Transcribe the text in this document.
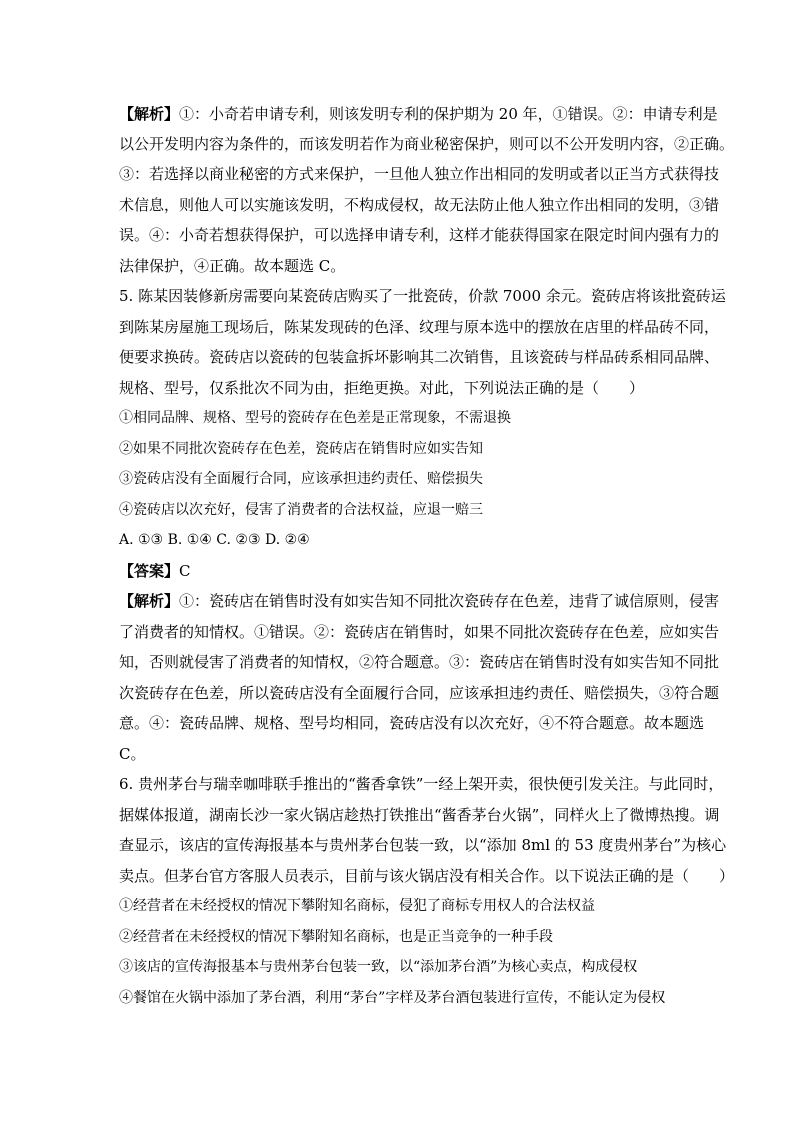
【解析】①：小奇若申请专利，则该发明专利的保护期为 20 年，①错误。②：申请专利是
以公开发明内容为条件的，而该发明若作为商业秘密保护，则可以不公开发明内容，②正确。
③：若选择以商业秘密的方式来保护，一旦他人独立作出相同的发明或者以正当方式获得技
术信息，则他人可以实施该发明，不构成侵权，故无法防止他人独立作出相同的发明，③错
误。④：小奇若想获得保护，可以选择申请专利，这样才能获得国家在限定时间内强有力的
法律保护，④正确。故本题选 C。
5. 陈某因装修新房需要向某瓷砖店购买了一批瓷砖，价款 7000 余元。瓷砖店将该批瓷砖运
到陈某房屋施工现场后，陈某发现砖的色泽、纹理与原本选中的摆放在店里的样品砖不同，
便要求换砖。瓷砖店以瓷砖的包装盒拆坏影响其二次销售，且该瓷砖与样品砖系相同品牌、
规格、型号，仅系批次不同为由，拒绝更换。对此，下列说法正确的是（　　）
①相同品牌、规格、型号的瓷砖存在色差是正常现象，不需退换
②如果不同批次瓷砖存在色差，瓷砖店在销售时应如实告知
③瓷砖店没有全面履行合同，应该承担违约责任、赔偿损失
④瓷砖店以次充好，侵害了消费者的合法权益，应退一赔三
A. ①③ B. ①④ C. ②③ D. ②④
【答案】C
【解析】①：瓷砖店在销售时没有如实告知不同批次瓷砖存在色差，违背了诚信原则，侵害
了消费者的知情权。①错误。②：瓷砖店在销售时，如果不同批次瓷砖存在色差，应如实告
知，否则就侵害了消费者的知情权，②符合题意。③：瓷砖店在销售时没有如实告知不同批
次瓷砖存在色差，所以瓷砖店没有全面履行合同，应该承担违约责任、赔偿损失，③符合题
意。④：瓷砖品牌、规格、型号均相同，瓷砖店没有以次充好，④不符合题意。故本题选
C。
6. 贵州茅台与瑞幸咖啡联手推出的“酱香拿铁”一经上架开卖，很快便引发关注。与此同时，
据媒体报道，湖南长沙一家火锅店趁热打铁推出“酱香茅台火锅”，同样火上了微博热搜。调
查显示，该店的宣传海报基本与贵州茅台包装一致，以“添加 8ml 的 53 度贵州茅台”为核心
卖点。但茅台官方客服人员表示，目前与该火锅店没有相关合作。以下说法正确的是（　　）
①经营者在未经授权的情况下攀附知名商标，侵犯了商标专用权人的合法权益
②经营者在未经授权的情况下攀附知名商标，也是正当竞争的一种手段
③该店的宣传海报基本与贵州茅台包装一致，以“添加茅台酒”为核心卖点，构成侵权
④餐馆在火锅中添加了茅台酒，利用“茅台”字样及茅台酒包装进行宣传，不能认定为侵权
